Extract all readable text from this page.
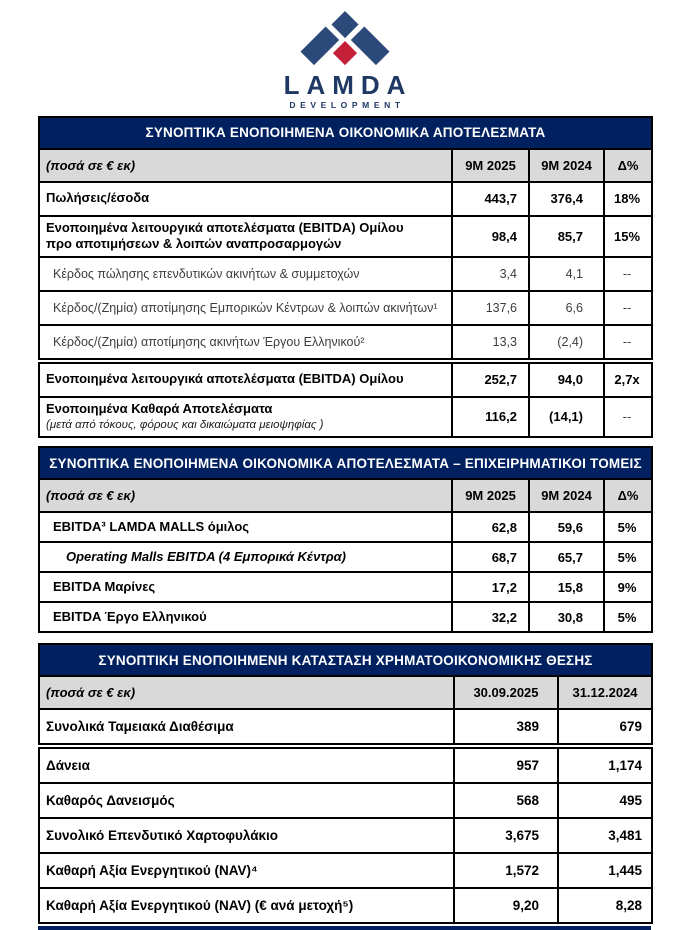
LAMDA
DEVELOPMENT
ΣΥΝΟΠΤΙΚΑ ΕΝΟΠΟΙΗΜΕΝΑ ΟΙΚΟΝΟΜΙΚΑ ΑΠΟΤΕΛΕΣΜΑΤΑ			
(ποσά σε € εκ)	9M 2025	9M 2024	Δ%
Πωλήσεις/έσοδα	443,7	376,4	18%
Ενοποιημένα λειτουργικά αποτελέσματα (EBITDA) Ομίλου
προ αποτιμήσεων & λοιπών αναπροσαρμογών	98,4	85,7	15%
Κέρδος πώλησης επενδυτικών ακινήτων & συμμετοχών	3,4	4,1	--
Κέρδος/(Ζημία) αποτίμησης Εμπορικών Κέντρων & λοιπών ακινήτων¹	137,6	6,6	--
Κέρδος/(Ζημία) αποτίμησης ακινήτων Έργου Ελληνικού²	13,3	(2,4)	--
Ενοποιημένα λειτουργικά αποτελέσματα (EBITDA) Ομίλου	252,7	94,0	2,7x
Ενοποιημένα Καθαρά Αποτελέσματα
(μετά από τόκους, φόρους και δικαιώματα μειοψηφίας )	116,2	(14,1)	--
ΣΥΝΟΠΤΙΚΑ ΕΝΟΠΟΙΗΜΕΝΑ ΟΙΚΟΝΟΜΙΚΑ ΑΠΟΤΕΛΕΣΜΑΤΑ – ΕΠΙΧΕΙΡΗΜΑΤΙΚΟΙ ΤΟΜΕΙΣ			
(ποσά σε € εκ)	9M 2025	9M 2024	Δ%
EBITDA³ LAMDA MALLS όμιλος	62,8	59,6	5%
Operating Malls EBITDA (4 Εμπορικά Κέντρα)	68,7	65,7	5%
EBITDA Μαρίνες	17,2	15,8	9%
EBITDA Έργο Ελληνικού	32,2	30,8	5%
ΣΥΝΟΠΤΙΚΗ ΕΝΟΠΟΙΗΜΕΝΗ ΚΑΤΑΣΤΑΣΗ ΧΡΗΜΑΤΟΟΙΚΟΝΟΜΙΚΗΣ ΘΕΣΗΣ		
(ποσά σε € εκ)	30.09.2025	31.12.2024
Συνολικά Ταμειακά Διαθέσιμα	389	679
Δάνεια	957	1,174
Καθαρός Δανεισμός	568	495
Συνολικό Επενδυτικό Χαρτοφυλάκιο	3,675	3,481
Καθαρή Αξία Ενεργητικού (NAV)⁴	1,572	1,445
Καθαρή Αξία Ενεργητικού (NAV) (€ ανά μετοχή⁵)	9,20	8,28
